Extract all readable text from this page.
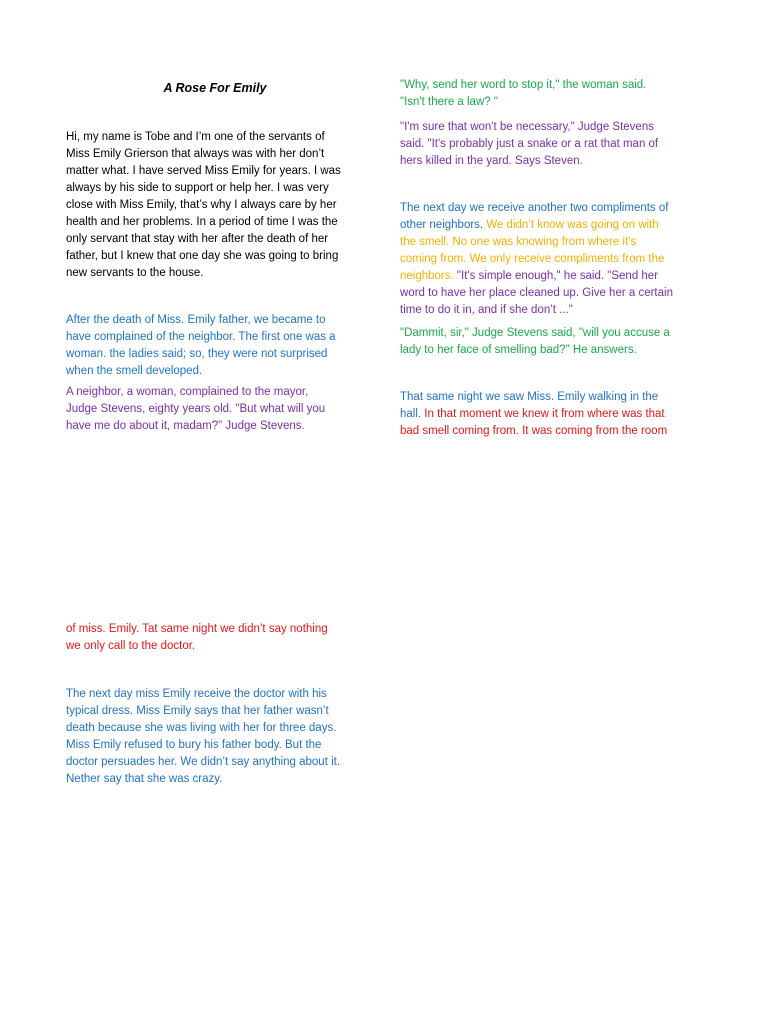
A Rose For Emily

Hi, my name is Tobe and I’m one of the servants of
Miss Emily Grierson that always was with her don’t
matter what. I have served Miss Emily for years. I was
always by his side to support or help her. I was very
close with Miss Emily, that’s why I always care by her
health and her problems. In a period of time I was the
only servant that stay with her after the death of her
father, but I knew that one day she was going to bring
new servants to the house.

After the death of Miss. Emily father, we became to
have complained of the neighbor. The first one was a
woman. the ladies said; so, they were not surprised
when the smell developed.

A neighbor, a woman, complained to the mayor,
Judge Stevens, eighty years old. "But what will you
have me do about it, madam?" Judge Stevens.

of miss. Emily. Tat same night we didn’t say nothing
we only call to the doctor.

The next day miss Emily receive the doctor with his
typical dress. Miss Emily says that her father wasn’t
death because she was living with her for three days.
Miss Emily refused to bury his father body. But the
doctor persuades her. We didn’t say anything about it.
Nether say that she was crazy.

"Why, send her word to stop it," the woman said.
"Isn't there a law? "

"I'm sure that won't be necessary," Judge Stevens
said. "It's probably just a snake or a rat that man of
hers killed in the yard. Says Steven.

The next day we receive another two compliments of
other neighbors. We didn’t know was going on with
the smell. No one was knowing from where it’s
coming from. We only receive compliments from the
neighbors. "It's simple enough," he said. "Send her
word to have her place cleaned up. Give her a certain
time to do it in, and if she don’t ..."

"Dammit, sir," Judge Stevens said, "will you accuse a
lady to her face of smelling bad?" He answers.

That same night we saw Miss. Emily walking in the
hall. In that moment we knew it from where was that
bad smell coming from. It was coming from the room
